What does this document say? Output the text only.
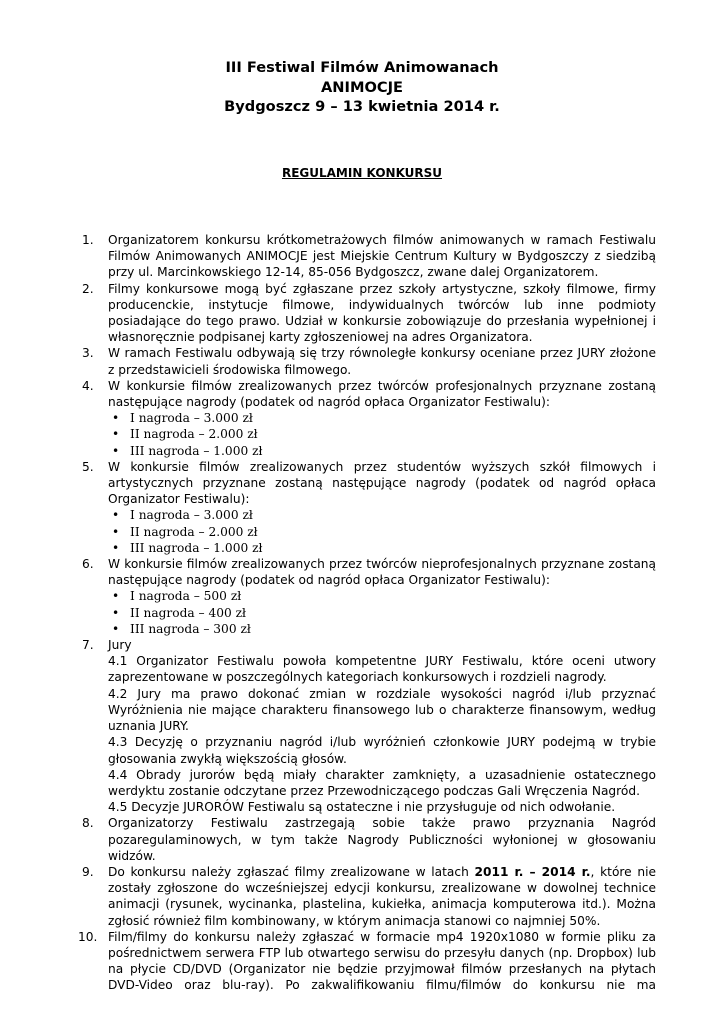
III Festiwal Filmów Animowanach
ANIMOCJE
Bydgoszcz 9 – 13 kwietnia 2014 r.
REGULAMIN KONKURSU
1.	Organizatorem konkursu krótkometrażowych filmów animowanych w ramach Festiwalu Filmów Animowanych ANIMOCJE jest Miejskie Centrum Kultury w Bydgoszczy z siedzibą przy ul. Marcinkowskiego 12-14, 85-056 Bydgoszcz, zwane dalej Organizatorem.
2.	Filmy konkursowe mogą być zgłaszane przez szkoły artystyczne, szkoły filmowe, firmy producenckie, instytucje filmowe, indywidualnych twórców lub inne podmioty posiadające do tego prawo. Udział w konkursie zobowiązuje do przesłania wypełnionej i własnoręcznie podpisanej karty zgłoszeniowej na adres Organizatora.
3.	W ramach Festiwalu odbywają się trzy równoległe konkursy oceniane przez JURY złożone z przedstawicieli środowiska filmowego.
4.	W konkursie filmów zrealizowanych przez twórców profesjonalnych przyznane zostaną następujące nagrody (podatek od nagród opłaca Organizator Festiwalu):
• I nagroda – 3.000 zł
• II nagroda – 2.000 zł
• III nagroda – 1.000 zł
5.	W konkursie filmów zrealizowanych przez studentów wyższych szkół filmowych i artystycznych przyznane zostaną następujące nagrody (podatek od nagród opłaca Organizator Festiwalu):
• I nagroda – 3.000 zł
• II nagroda – 2.000 zł
• III nagroda – 1.000 zł
6.	W konkursie filmów zrealizowanych przez twórców nieprofesjonalnych przyznane zostaną następujące nagrody (podatek od nagród opłaca Organizator Festiwalu):
• I nagroda – 500 zł
• II nagroda – 400 zł
• III nagroda – 300 zł
7.	Jury
4.1 Organizator Festiwalu powoła kompetentne JURY Festiwalu, które oceni utwory zaprezentowane w poszczególnych kategoriach konkursowych i rozdzieli nagrody.
4.2 Jury ma prawo dokonać zmian w rozdziale wysokości nagród i/lub przyznać Wyróżnienia nie mające charakteru finansowego lub o charakterze finansowym, według uznania JURY.
4.3 Decyzję o przyznaniu nagród i/lub wyróżnień członkowie JURY podejmą w trybie głosowania zwykłą większością głosów.
4.4 Obrady jurorów będą miały charakter zamknięty, a uzasadnienie ostatecznego werdyktu zostanie odczytane przez Przewodniczącego podczas Gali Wręczenia Nagród.
4.5 Decyzje JURORÓW Festiwalu są ostateczne i nie przysługuje od nich odwołanie.
8.	Organizatorzy Festiwalu zastrzegają sobie także prawo przyznania Nagród pozaregulaminowych, w tym także Nagrody Publiczności wyłonionej w głosowaniu widzów.
9.	Do konkursu należy zgłaszać filmy zrealizowane w latach 2011 r. – 2014 r., które nie zostały zgłoszone do wcześniejszej edycji konkursu, zrealizowane w dowolnej technice animacji (rysunek, wycinanka, plastelina, kukiełka, animacja komputerowa itd.). Można zgłosić również film kombinowany, w którym animacja stanowi co najmniej 50%.
10. Film/filmy do konkursu należy zgłaszać w formacie mp4 1920x1080 w formie pliku za pośrednictwem serwera FTP lub otwartego serwisu do przesyłu danych (np. Dropbox) lub na płycie CD/DVD (Organizator nie będzie przyjmował filmów przesłanych na płytach DVD-Video oraz blu-ray). Po zakwalifikowaniu filmu/filmów do konkursu nie ma
